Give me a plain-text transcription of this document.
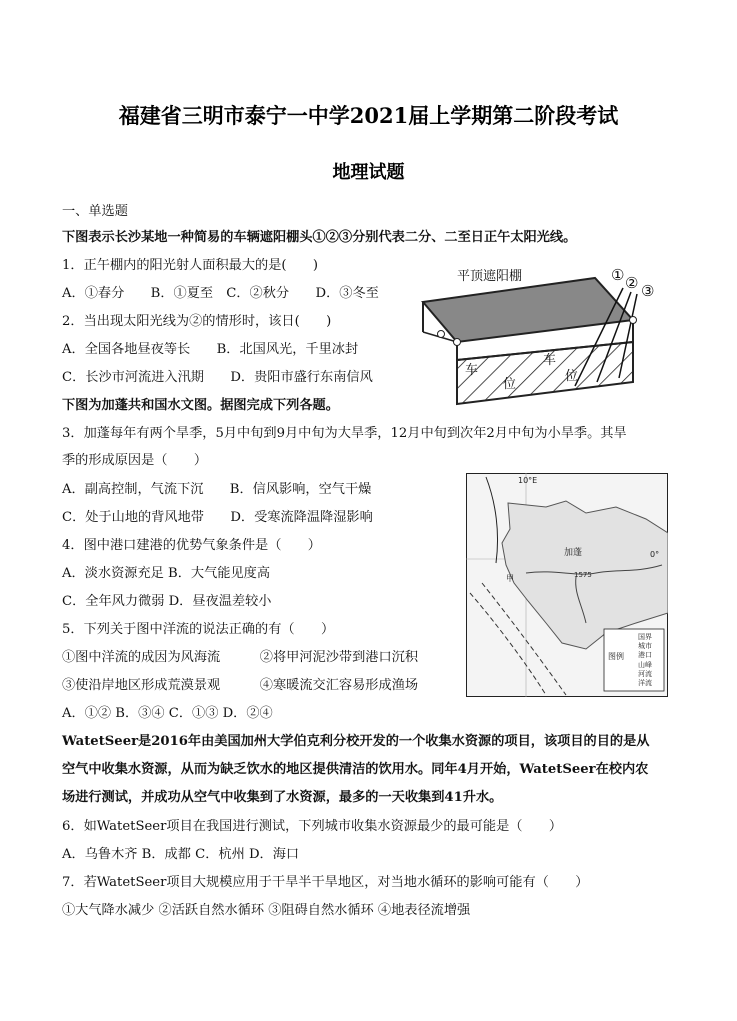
福建省三明市泰宁一中学2021届上学期第二阶段考试
地理试题
一、单选题
下图表示长沙某地一种简易的车辆遮阳棚头①②③分别代表二分、二至日正午太阳光线。
1．正午棚内的阳光射人面积最大的是(　　)
A．①春分　　B．①夏至　C．②秋分　　D．③冬至
2．当出现太阳光线为②的情形时，该日(　　)
A．全国各地昼夜等长　　B．北国风光，千里冰封
C．长沙市河流进入汛期　　D．贵阳市盛行东南信风
下图为加蓬共和国水文图。据图完成下列各题。
3．加蓬每年有两个旱季，5月中旬到9月中旬为大旱季，12月中旬到次年2月中旬为小旱季。其旱
季的形成原因是（　　）
A．副高控制，气流下沉　　B．信风影响，空气干燥
C．处于山地的背风地带　　D．受寒流降温降湿影响
4．图中港口建港的优势气象条件是（　　）
A．淡水资源充足 B．大气能见度高
C．全年风力微弱 D．昼夜温差较小
5．下列关于图中洋流的说法正确的有（　　）
①图中洋流的成因为风海流　　　②将甲河泥沙带到港口沉积
③使沿岸地区形成荒漠景观　　　④寒暖流交汇容易形成渔场
A．①② B．③④ C．①③ D．②④
WatetSeer是2016年由美国加州大学伯克利分校开发的一个收集水资源的项目，该项目的目的是从
空气中收集水资源，从而为缺乏饮水的地区提供清洁的饮用水。同年4月开始，WatetSeer在校内农
场进行测试，并成功从空气中收集到了水资源，最多的一天收集到41升水。
6．如WatetSeer项目在我国进行测试，下列城市收集水资源最少的最可能是（　　）
A．乌鲁木齐 B．成都 C．杭州 D．海口
7．若WatetSeer项目大规模应用于干旱半干旱地区，对当地水循环的影响可能有（　　）
①大气降水减少 ②活跃自然水循环 ③阻碍自然水循环 ④地表径流增强
平顶遮阳棚	① ② ③
车
位
车
位
10°E
0°
加蓬
1575
甲
图例
国界
城市
港口
山峰
河流
洋流
